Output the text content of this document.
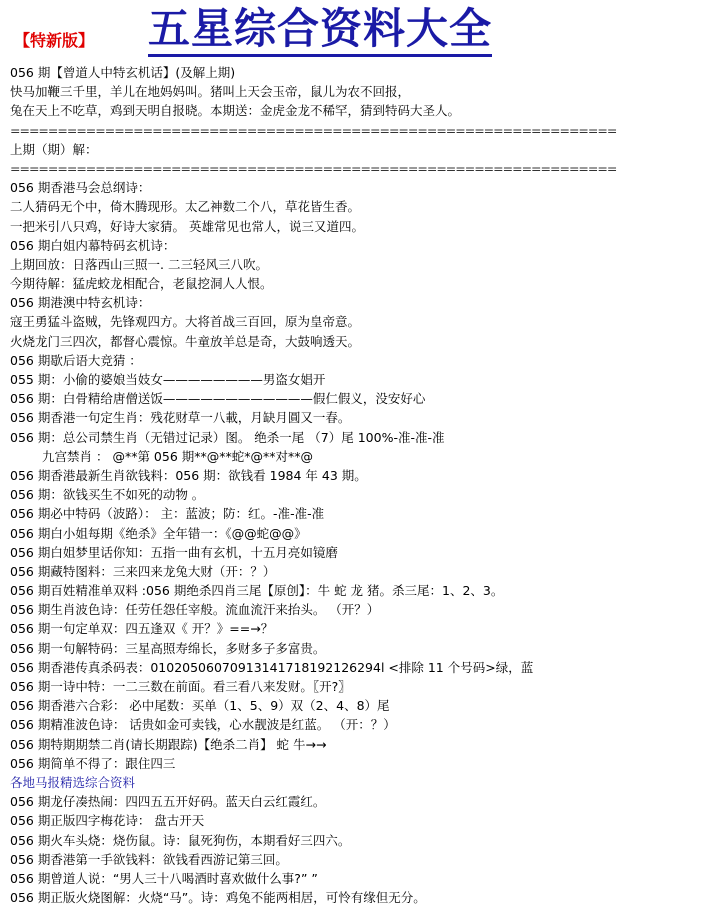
【特新版】 五星综合资料大全
056 期【曾道人中特玄机话】(及解上期)
快马加鞭三千里，羊儿在地妈妈叫。猪叫上天会玉帝，鼠儿为农不回报，
兔在天上不吃草，鸡到天明自报晓。本期送：金虎金龙不稀罕，猜到特码大圣人。
================================================================
上期（期）解：
================================================================
056 期香港马会总纲诗：
二人猜码无个中，倚木腾现形。太乙神数二个八，草花皆生香。
一把米引八只鸡，好诗大家猜。 英雄常见也常人，说三又道四。
056 期白姐内幕特码玄机诗：
上期回放：日落西山三照一. 二三轻风三八吹。
今期待解：猛虎蛟龙相配合，老鼠挖洞人人恨。
056 期港澳中特玄机诗：
寇王勇猛斗盗贼，先锋观四方。大将首战三百回，原为皇帝意。
火烧龙门三四次，都督心震惊。牛童放羊总是奇，大鼓响透天。
056 期歇后语大竞猜 ：
055 期：小偷的婆娘当妓女————————男盗女娼开
056 期：白骨精给唐僧送饭————————————假仁假义，没安好心
056 期香港一句定生肖：残花财草一八載，月缺月圓又一春。
056 期：总公司禁生肖（无错过记录）图。 绝杀一尾 （7）尾 100%-准-准-准
九宫禁肖 ： @**第 056 期**@**蛇*@**对**@
056 期香港最新生肖欲钱料：056 期：欲钱看 1984 年 43 期。
056 期：欲钱买生不如死的动物 。
056 期必中特码（波路）： 主：蓝波；防：红。-准-准-准
056 期白小姐每期《绝杀》全年错一：《@@蛇@@》
056 期白姐梦里话你知：五指一曲有玄机，十五月亮如镜磨
056 期藏特图料：三来四来龙兔大财（开：？）
056 期百姓精准单双料 :056 期绝杀四肖三尾【原创】：牛 蛇 龙 猪。杀三尾：1、2、3。
056 期生肖波色诗：任劳任怨任宰般。流血流汗来抬头。 （开？）
056 期一句定单双：四五逢双《 开？》==→？
056 期一句解特码：三星高照寿绵长，多财多子多富贵。
056 期香港传真杀码表：01020506070913141718192126294l <排除 11 个号码>绿，蓝
056 期一诗中特：一二三数在前面。看三看八来发财。〖开?〗
056 期香港六合彩： 必中尾数：买单（1、5、9）双（2、4、8）尾
056 期精准波色诗： 话贵如金可卖钱，心水靓波是红蓝。 （开：？）
056 期特期期禁二肖(请长期跟踪)【绝杀二肖】 蛇 牛→→
056 期简单不得了：跟住四三
各地马报精选综合资料
056 期龙仔凑热闹：四四五五开好码。蓝天白云红霞红。
056 期正版四字梅花诗： 盘古开天
056 期火车头烧：烧伤鼠。诗：鼠死狗伤，本期看好三四六。
056 期香港第一手欲钱料：欲钱看西游记第三回。
056 期曾道人说：“男人三十八喝酒时喜欢做什么事?” ”
056 期正版火烧图解：火烧“马”。诗：鸡兔不能两相居，可怜有缘但无分。
